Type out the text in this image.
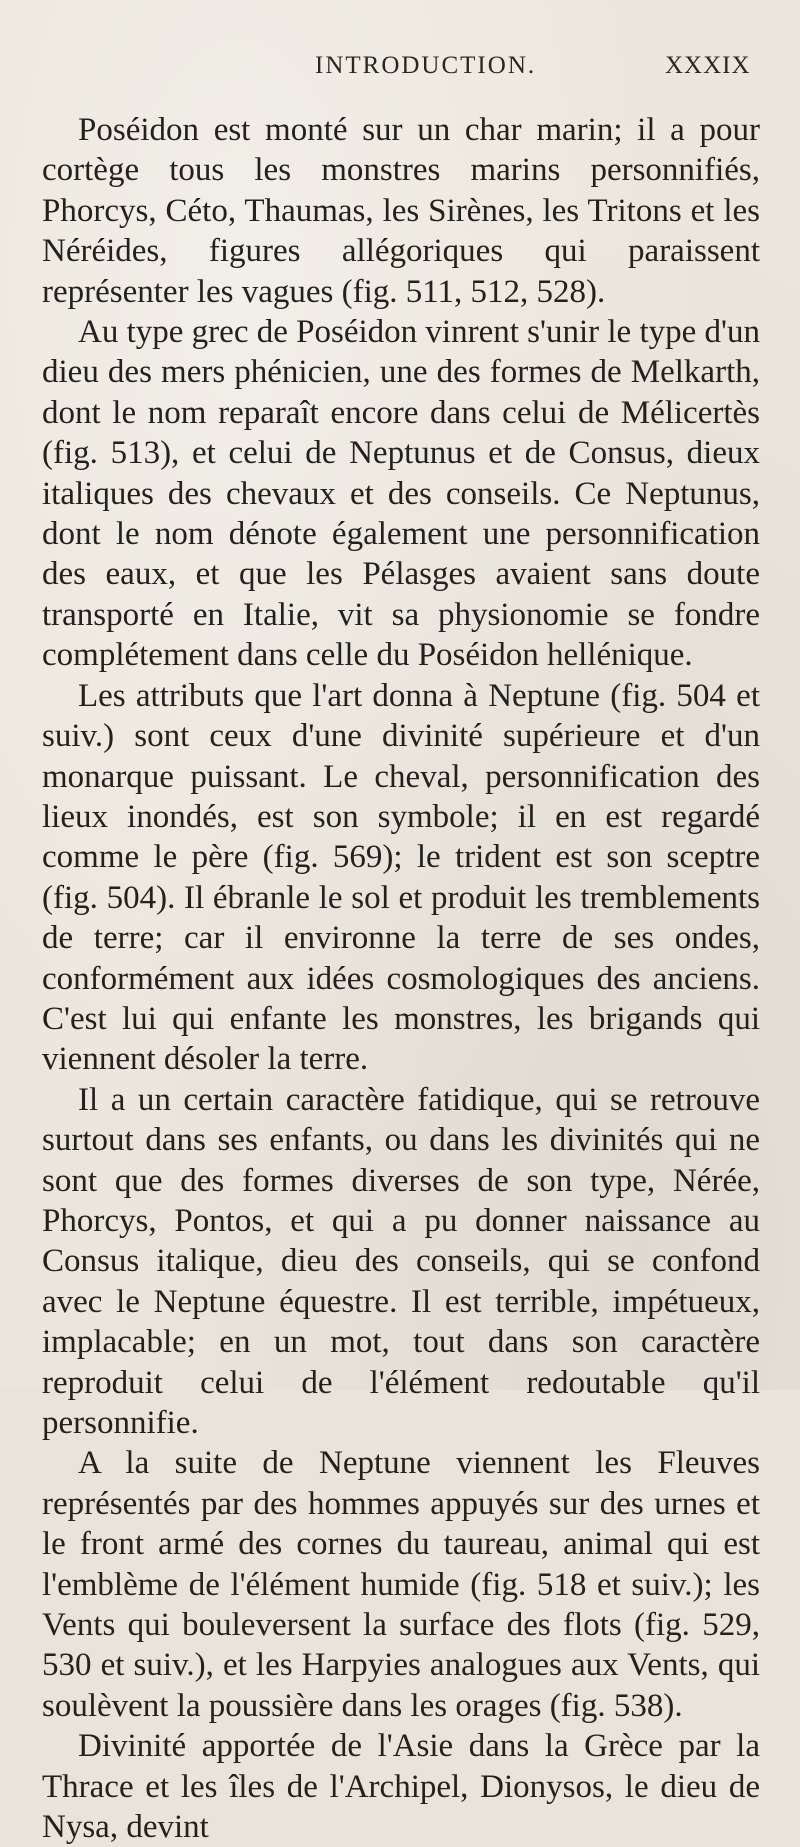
INTRODUCTION.	XXXIX

Poséidon est monté sur un char marin; il a pour cortège tous les monstres marins personnifiés, Phorcys, Céto, Thaumas, les Sirènes, les Tritons et les Néréides, figures allégoriques qui paraissent représenter les vagues (fig. 511, 512, 528).

Au type grec de Poséidon vinrent s'unir le type d'un dieu des mers phénicien, une des formes de Melkarth, dont le nom reparaît encore dans celui de Mélicertès (fig. 513), et celui de Neptunus et de Consus, dieux italiques des chevaux et des conseils. Ce Neptunus, dont le nom dénote également une personnification des eaux, et que les Pélasges avaient sans doute transporté en Italie, vit sa physionomie se fondre complétement dans celle du Poséidon hellénique.

Les attributs que l'art donna à Neptune (fig. 504 et suiv.) sont ceux d'une divinité supérieure et d'un monarque puissant. Le cheval, personnification des lieux inondés, est son symbole; il en est regardé comme le père (fig. 569); le trident est son sceptre (fig. 504). Il ébranle le sol et produit les tremblements de terre; car il environne la terre de ses ondes, conformément aux idées cosmologiques des anciens. C'est lui qui enfante les monstres, les brigands qui viennent désoler la terre.

Il a un certain caractère fatidique, qui se retrouve surtout dans ses enfants, ou dans les divinités qui ne sont que des formes diverses de son type, Nérée, Phorcys, Pontos, et qui a pu donner naissance au Consus italique, dieu des conseils, qui se confond avec le Neptune équestre. Il est terrible, impétueux, implacable; en un mot, tout dans son caractère reproduit celui de l'élément redoutable qu'il personnifie.

A la suite de Neptune viennent les Fleuves représentés par des hommes appuyés sur des urnes et le front armé des cornes du taureau, animal qui est l'emblème de l'élément humide (fig. 518 et suiv.); les Vents qui bouleversent la surface des flots (fig. 529, 530 et suiv.), et les Harpyies analogues aux Vents, qui soulèvent la poussière dans les orages (fig. 538).

Divinité apportée de l'Asie dans la Grèce par la Thrace et les îles de l'Archipel, Dionysos, le dieu de Nysa, devint
